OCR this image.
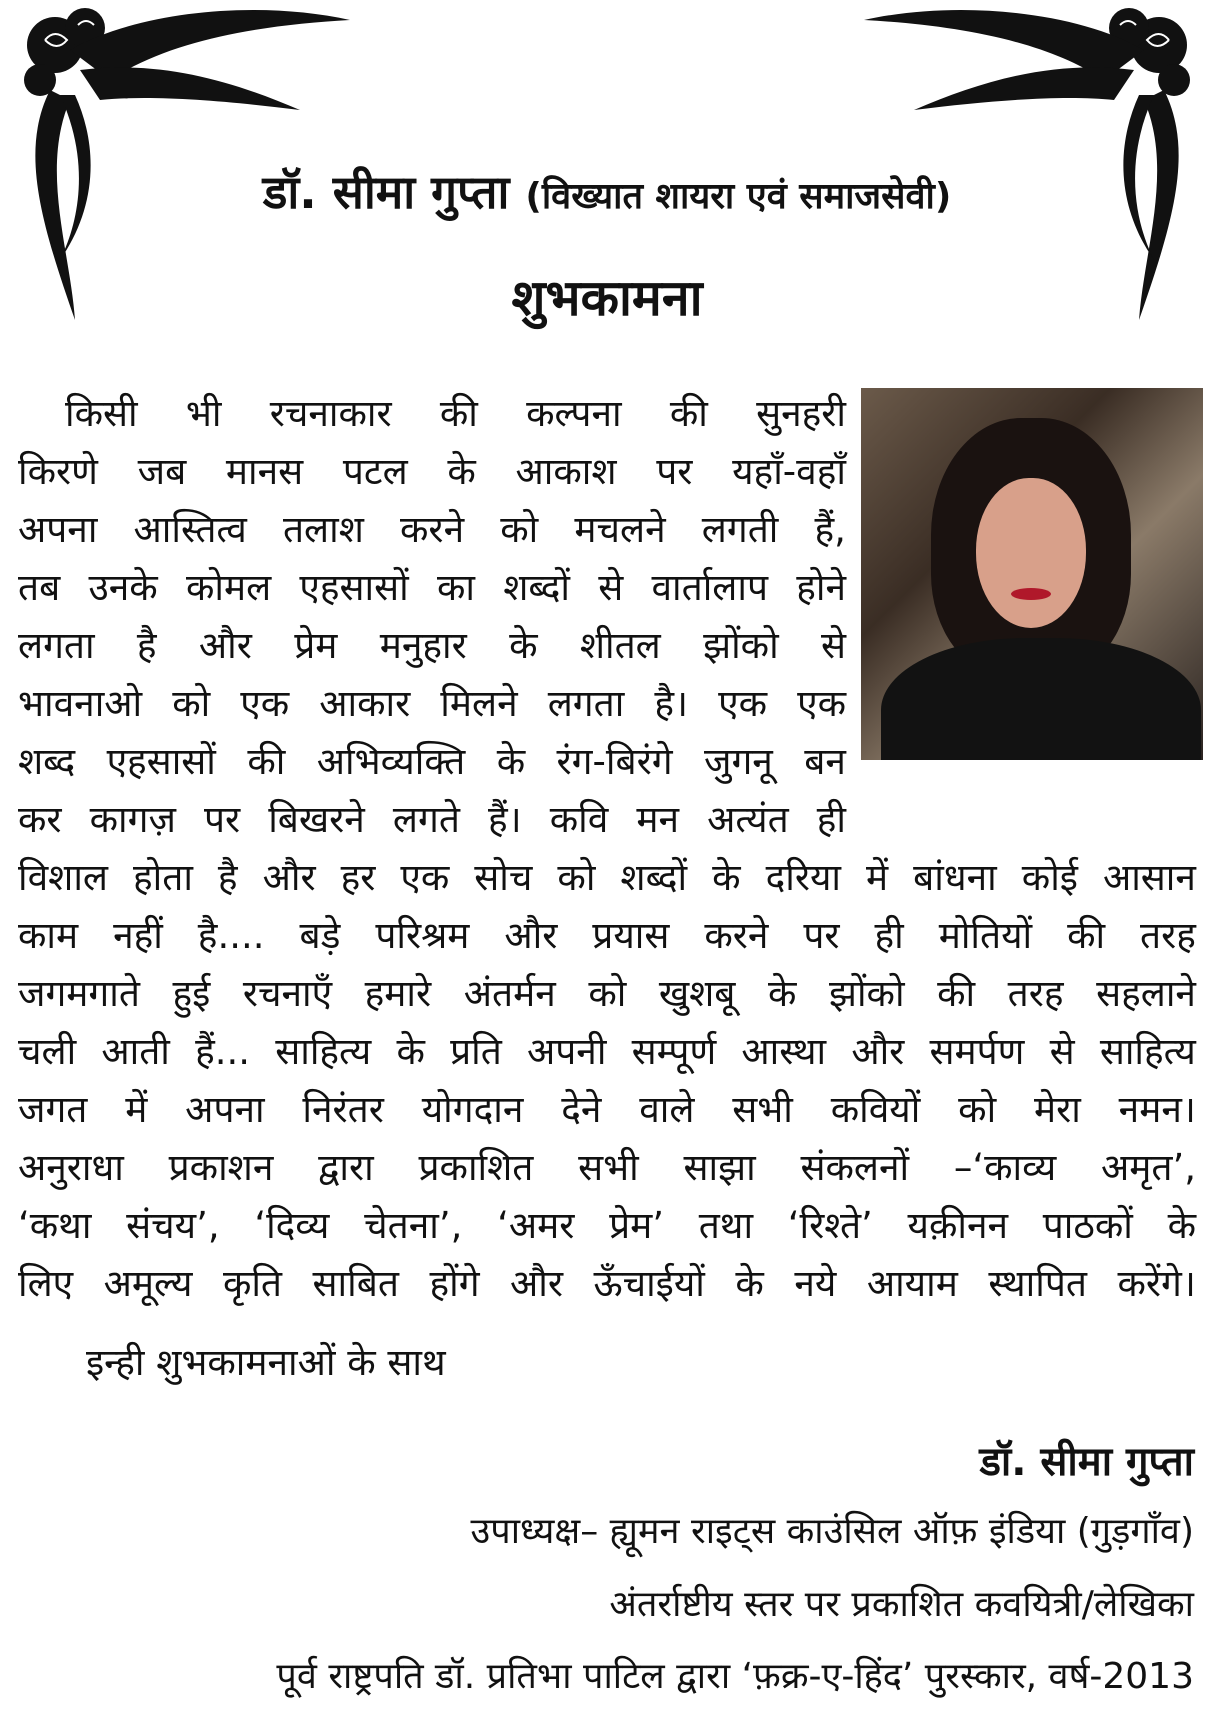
डॉ. सीमा गुप्ता (विख्यात शायरा एवं समाजसेवी)
शुभकामना
किसी भी रचनाकार की कल्पना की सुनहरी
किरणे जब मानस पटल के आकाश पर यहाँ-वहाँ
अपना आस्तित्व तलाश करने को मचलने लगती हैं,
तब उनके कोमल एहसासों का शब्दों से वार्तालाप होने
लगता है और प्रेम मनुहार के शीतल झोंको से
भावनाओ को एक आकार मिलने लगता है। एक एक
शब्द एहसासों की अभिव्यक्ति के रंग-बिरंगे जुगनू बन
कर कागज़ पर बिखरने लगते हैं। कवि मन अत्यंत ही
विशाल होता है और हर एक सोच को शब्दों के दरिया में बांधना कोई आसान
काम नहीं है.... बड़े परिश्रम और प्रयास करने पर ही मोतियों की तरह
जगमगाते हुई रचनाएँ हमारे अंतर्मन को खुशबू के झोंको की तरह सहलाने
चली आती हैं... साहित्य के प्रति अपनी सम्पूर्ण आस्था और समर्पण से साहित्य
जगत में अपना निरंतर योगदान देने वाले सभी कवियों को मेरा नमन।
अनुराधा प्रकाशन द्वारा प्रकाशित सभी साझा संकलनों –‘काव्य अमृत’,
‘कथा संचय’, ‘दिव्य चेतना’, ‘अमर प्रेम’ तथा ‘रिश्ते’ यक़ीनन पाठकों के
लिए अमूल्य कृति साबित होंगे और ऊँचाईयों के नये आयाम स्थापित करेंगे।
इन्ही शुभकामनाओं के साथ
डॉ. सीमा गुप्ता
उपाध्यक्ष– ह्यूमन राइट्स काउंसिल ऑफ़ इंडिया (गुड़गाँव)
अंतर्राष्टीय स्तर पर प्रकाशित कवयित्री/लेखिका
पूर्व राष्ट्रपति डॉ. प्रतिभा पाटिल द्वारा ‘फ़क्र-ए-हिंद’ पुरस्कार, वर्ष-2013
